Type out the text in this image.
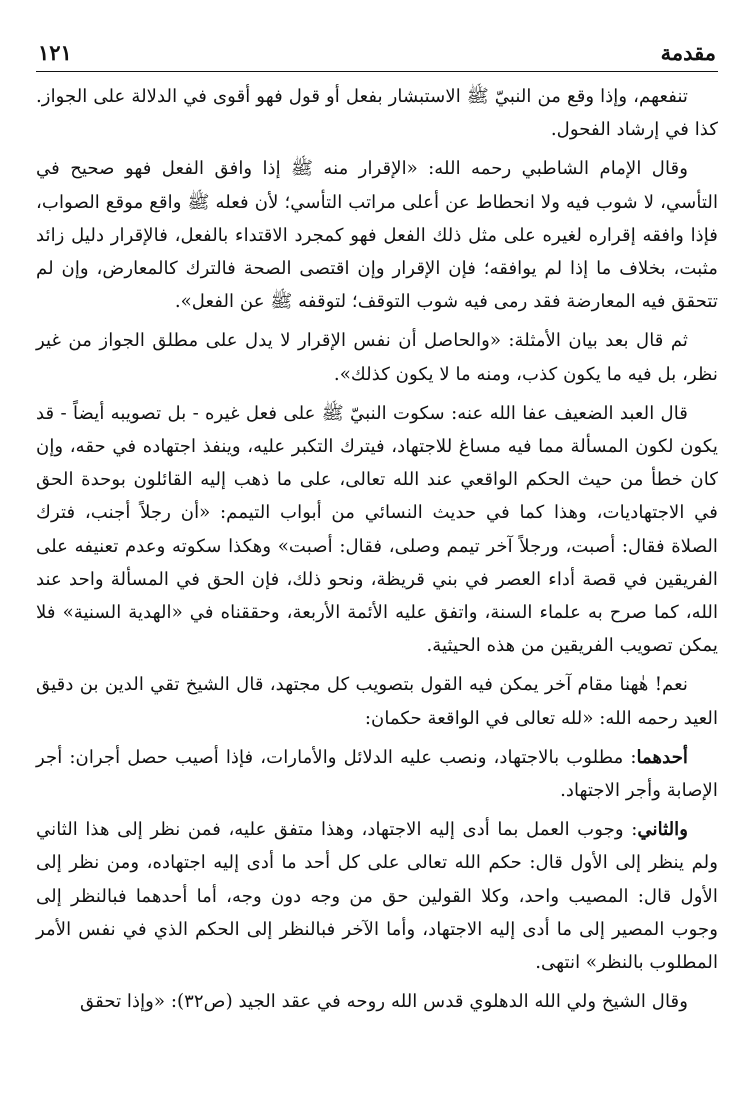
مقدمة
١٢١

تنفعهم، وإذا وقع من النبيّ ﷺ الاستبشار بفعل أو قول فهو أقوى في الدلالة على الجواز. كذا في إرشاد الفحول.

وقال الإمام الشاطبي رحمه الله: «الإقرار منه ﷺ إذا وافق الفعل فهو صحيح في التأسي، لا شوب فيه ولا انحطاط عن أعلى مراتب التأسي؛ لأن فعله ﷺ واقع موقع الصواب، فإذا وافقه إقراره لغيره على مثل ذلك الفعل فهو كمجرد الاقتداء بالفعل، فالإقرار دليل زائد مثبت، بخلاف ما إذا لم يوافقه؛ فإن الإقرار وإن اقتصى الصحة فالترك كالمعارض، وإن لم تتحقق فيه المعارضة فقد رمى فيه شوب التوقف؛ لتوقفه ﷺ عن الفعل».

ثم قال بعد بيان الأمثلة: «والحاصل أن نفس الإقرار لا يدل على مطلق الجواز من غير نظر، بل فيه ما يكون كذب، ومنه ما لا يكون كذلك».

قال العبد الضعيف عفا الله عنه: سكوت النبيّ ﷺ على فعل غيره - بل تصويبه أيضاً - قد يكون لكون المسألة مما فيه مساغ للاجتهاد، فيترك التكبر عليه، وينفذ اجتهاده في حقه، وإن كان خطأ من حيث الحكم الواقعي عند الله تعالى، على ما ذهب إليه القائلون بوحدة الحق في الاجتهاديات، وهذا كما في حديث النسائي من أبواب التيمم: «أن رجلاً أجنب، فترك الصلاة فقال: أصبت، ورجلاً آخر تيمم وصلى، فقال: أصبت» وهكذا سكوته وعدم تعنيفه على الفريقين في قصة أداء العصر في بني قريظة، ونحو ذلك، فإن الحق في المسألة واحد عند الله، كما صرح به علماء السنة، واتفق عليه الأئمة الأربعة، وحققناه في «الهدية السنية» فلا يمكن تصويب الفريقين من هذه الحيثية.

نعم! هٰهنا مقام آخر يمكن فيه القول بتصويب كل مجتهد، قال الشيخ تقي الدين بن دقيق العيد رحمه الله: «لله تعالى في الواقعة حكمان:

أحدهما: مطلوب بالاجتهاد، ونصب عليه الدلائل والأمارات، فإذا أصيب حصل أجران: أجر الإصابة وأجر الاجتهاد.

والثاني: وجوب العمل بما أدى إليه الاجتهاد، وهذا متفق عليه، فمن نظر إلى هذا الثاني ولم ينظر إلى الأول قال: حكم الله تعالى على كل أحد ما أدى إليه اجتهاده، ومن نظر إلى الأول قال: المصيب واحد، وكلا القولين حق من وجه دون وجه، أما أحدهما فبالنظر إلى وجوب المصير إلى ما أدى إليه الاجتهاد، وأما الآخر فبالنظر إلى الحكم الذي في نفس الأمر المطلوب بالنظر» انتهى.

وقال الشيخ ولي الله الدهلوي قدس الله روحه في عقد الجيد (ص٣٢): «وإذا تحقق
